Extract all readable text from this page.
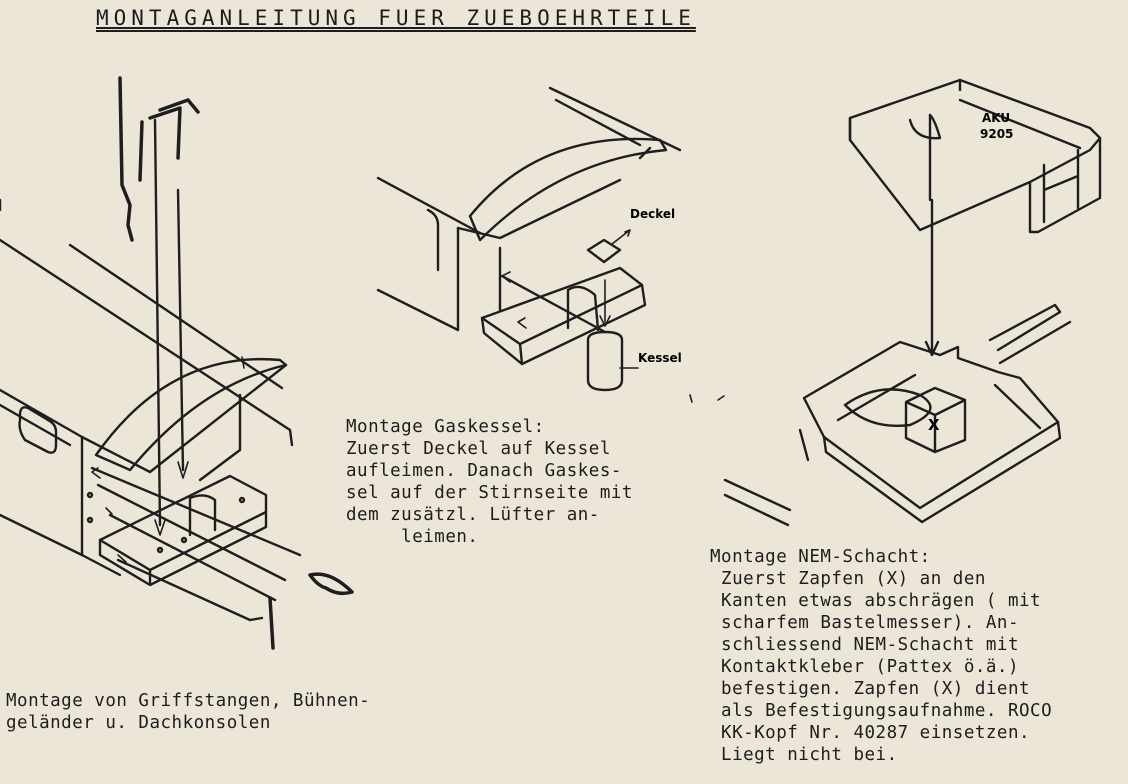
MONTAGANLEITUNG FUER ZUEBOEHRTEILE
Deckel
Kessel
AKU
9205
X
Montage Gaskessel:
Zuerst Deckel auf Kessel
aufleimen. Danach Gaskes-
sel auf der Stirnseite mit
dem zusätzl. Lüfter an-
leimen.
Montage von Griffstangen, Bühnen-
geländer u. Dachkonsolen
Montage NEM-Schacht:
Zuerst Zapfen (X) an den
Kanten etwas abschrägen ( mit
scharfem Bastelmesser). An-
schliessend NEM-Schacht mit
Kontaktkleber (Pattex ö.ä.)
befestigen. Zapfen (X) dient
als Befestigungsaufnahme. ROCO
KK-Kopf Nr. 40287 einsetzen.
Liegt nicht bei.
